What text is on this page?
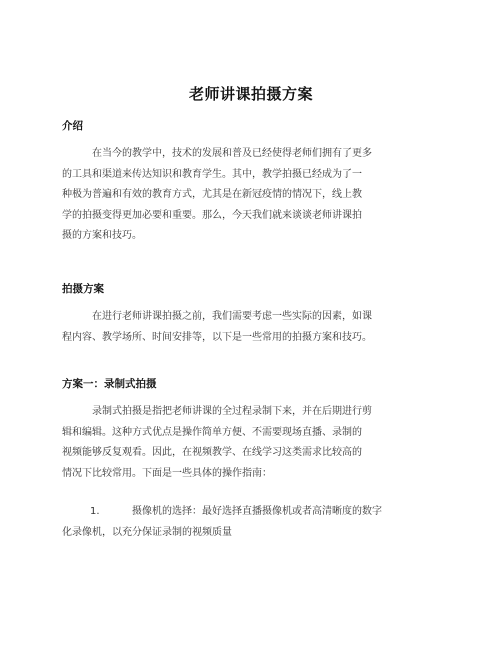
老师讲课拍摄方案
介绍
在当今的教学中，技术的发展和普及已经使得老师们拥有了更多
的工具和渠道来传达知识和教育学生。其中，教学拍摄已经成为了一
种极为普遍和有效的教育方式，尤其是在新冠疫情的情况下，线上教
学的拍摄变得更加必要和重要。那么，今天我们就来谈谈老师讲课拍
摄的方案和技巧。
拍摄方案
在进行老师讲课拍摄之前，我们需要考虑一些实际的因素，如课
程内容、教学场所、时间安排等，以下是一些常用的拍摄方案和技巧。
方案一：录制式拍摄
录制式拍摄是指把老师讲课的全过程录制下来，并在后期进行剪
辑和编辑。这种方式优点是操作简单方便、不需要现场直播、录制的
视频能够反复观看。因此，在视频教学、在线学习这类需求比较高的
情况下比较常用。下面是一些具体的操作指南：
1.	摄像机的选择：最好选择直播摄像机或者高清晰度的数字
化录像机，以充分保证录制的视频质量
